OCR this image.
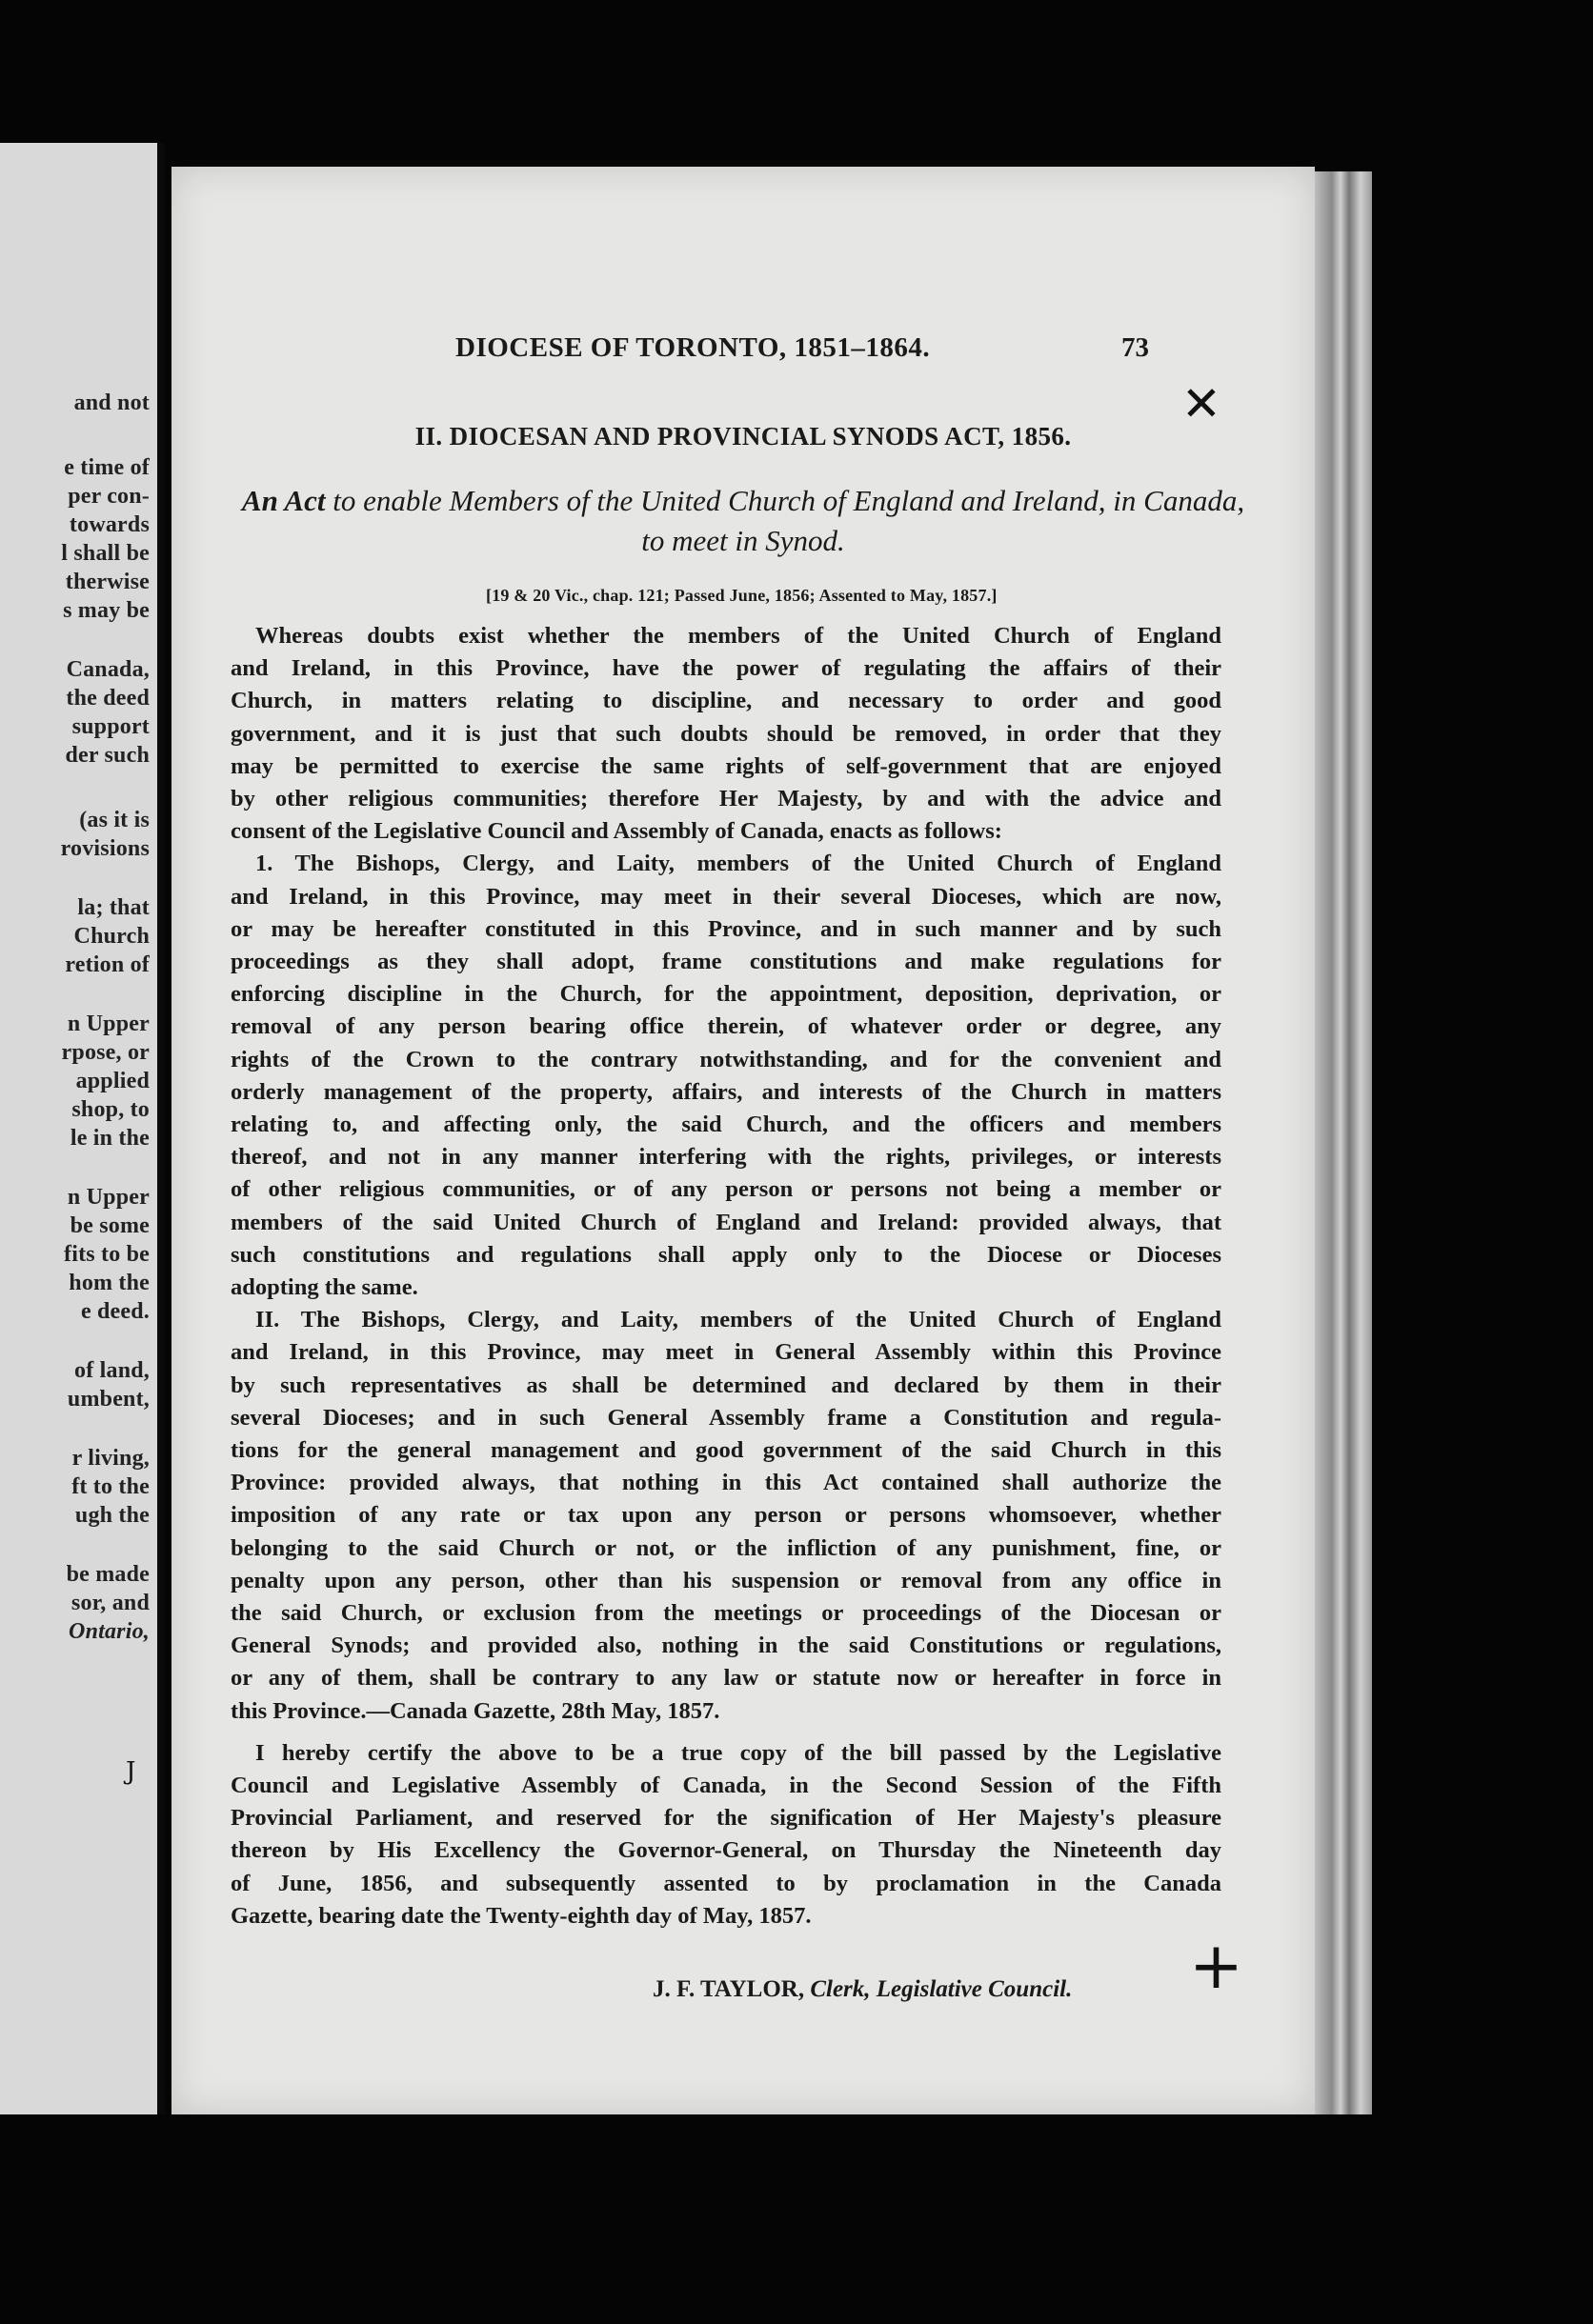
and not
e time of
per con-
towards
l shall be
therwise
s may be
Canada,
the deed
support
der such
(as it is
rovisions
la; that
Church
retion of
n Upper
rpose, or
applied
shop, to
le in the
n Upper
be some
fits to be
hom the
e deed.
of land,
umbent,
r living,
ft to the
ugh the
be made
sor, and
Ontario,
DIOCESE OF TORONTO, 1851–1864.	73
II. DIOCESAN AND PROVINCIAL SYNODS ACT, 1856.
An Act to enable Members of the United Church of England and Ireland, in Canada, to meet in Synod.
[19 & 20 Vic., chap. 121; Passed June, 1856; Assented to May, 1857.]
Whereas doubts exist whether the members of the United Church of England
and Ireland, in this Province, have the power of regulating the affairs of their
Church, in matters relating to discipline, and necessary to order and good
government, and it is just that such doubts should be removed, in order that they
may be permitted to exercise the same rights of self-government that are enjoyed
by other religious communities; therefore Her Majesty, by and with the advice and
consent of the Legislative Council and Assembly of Canada, enacts as follows:
1. The Bishops, Clergy, and Laity, members of the United Church of England
and Ireland, in this Province, may meet in their several Dioceses, which are now,
or may be hereafter constituted in this Province, and in such manner and by such
proceedings as they shall adopt, frame constitutions and make regulations for
enforcing discipline in the Church, for the appointment, deposition, deprivation, or
removal of any person bearing office therein, of whatever order or degree, any
rights of the Crown to the contrary notwithstanding, and for the convenient and
orderly management of the property, affairs, and interests of the Church in matters
relating to, and affecting only, the said Church, and the officers and members
thereof, and not in any manner interfering with the rights, privileges, or interests
of other religious communities, or of any person or persons not being a member or
members of the said United Church of England and Ireland: provided always, that
such constitutions and regulations shall apply only to the Diocese or Dioceses
adopting the same.
II. The Bishops, Clergy, and Laity, members of the United Church of England
and Ireland, in this Province, may meet in General Assembly within this Province
by such representatives as shall be determined and declared by them in their
several Dioceses; and in such General Assembly frame a Constitution and regula-
tions for the general management and good government of the said Church in this
Province: provided always, that nothing in this Act contained shall authorize the
imposition of any rate or tax upon any person or persons whomsoever, whether
belonging to the said Church or not, or the infliction of any punishment, fine, or
penalty upon any person, other than his suspension or removal from any office in
the said Church, or exclusion from the meetings or proceedings of the Diocesan or
General Synods; and provided also, nothing in the said Constitutions or regulations,
or any of them, shall be contrary to any law or statute now or hereafter in force in
this Province.—Canada Gazette, 28th May, 1857.
I hereby certify the above to be a true copy of the bill passed by the Legislative
Council and Legislative Assembly of Canada, in the Second Session of the Fifth
Provincial Parliament, and reserved for the signification of Her Majesty's pleasure
thereon by His Excellency the Governor-General, on Thursday the Nineteenth day
of June, 1856, and subsequently assented to by proclamation in the Canada
Gazette, bearing date the Twenty-eighth day of May, 1857.
J. F. TAYLOR, Clerk, Legislative Council.
✕
+
J
